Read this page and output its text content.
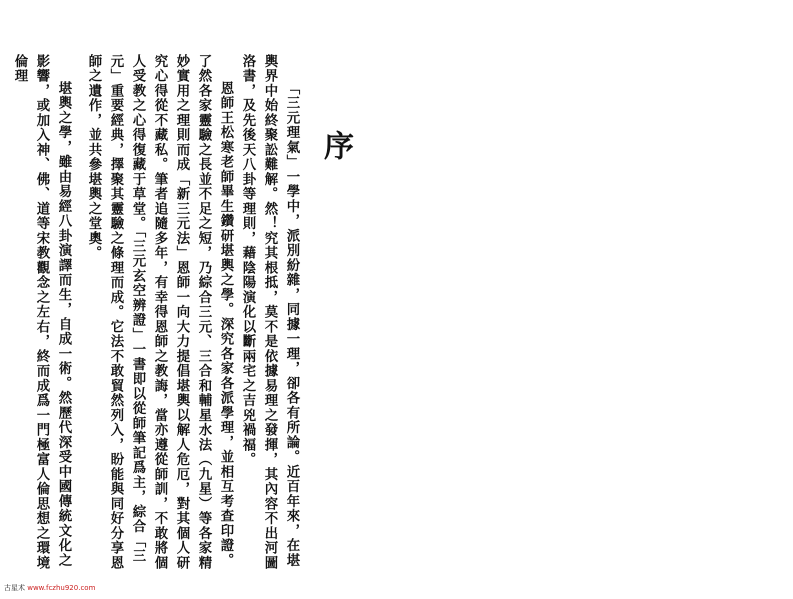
序

「三元理氣」一學中，派別紛雜，同據一理，卻各有所論。近百年來，在堪輿界中始終聚訟難解。然！究其根抵，莫不是依據易理之發揮，其內容不出河圖洛書，及先後天八卦等理則，藉陰陽演化以斷兩宅之吉兇禍福。

恩師王松寒老師畢生鑽研堪輿之學。深究各家各派學理，並相互考查印證。了然各家靈驗之長並不足之短，乃綜合三元、三合和輔星水法（九星）等各家精妙實用之理則而成「新三元法」恩師一向大力提倡堪輿以解人危厄，對其個人研究心得從不藏私。筆者追隨多年，有幸得恩師之教誨，當亦遵從師訓，不敢將個人受教之心得復藏于草堂。「三元玄空辨證」一書即以從師筆記爲主，綜合「三元」重要經典，擇聚其靈驗之條理而成。它法不敢貿然列入，盼能與同好分享恩師之遺作，並共參堪輿之堂奧。

堪輿之學，雖由易經八卦演譯而生，自成一術。然歷代深受中國傳統文化之影響，或加入神、佛、道等宋教觀念之左右，終而成爲一門極富人倫思想之環境倫理

古星术 www.fczhu920.com
